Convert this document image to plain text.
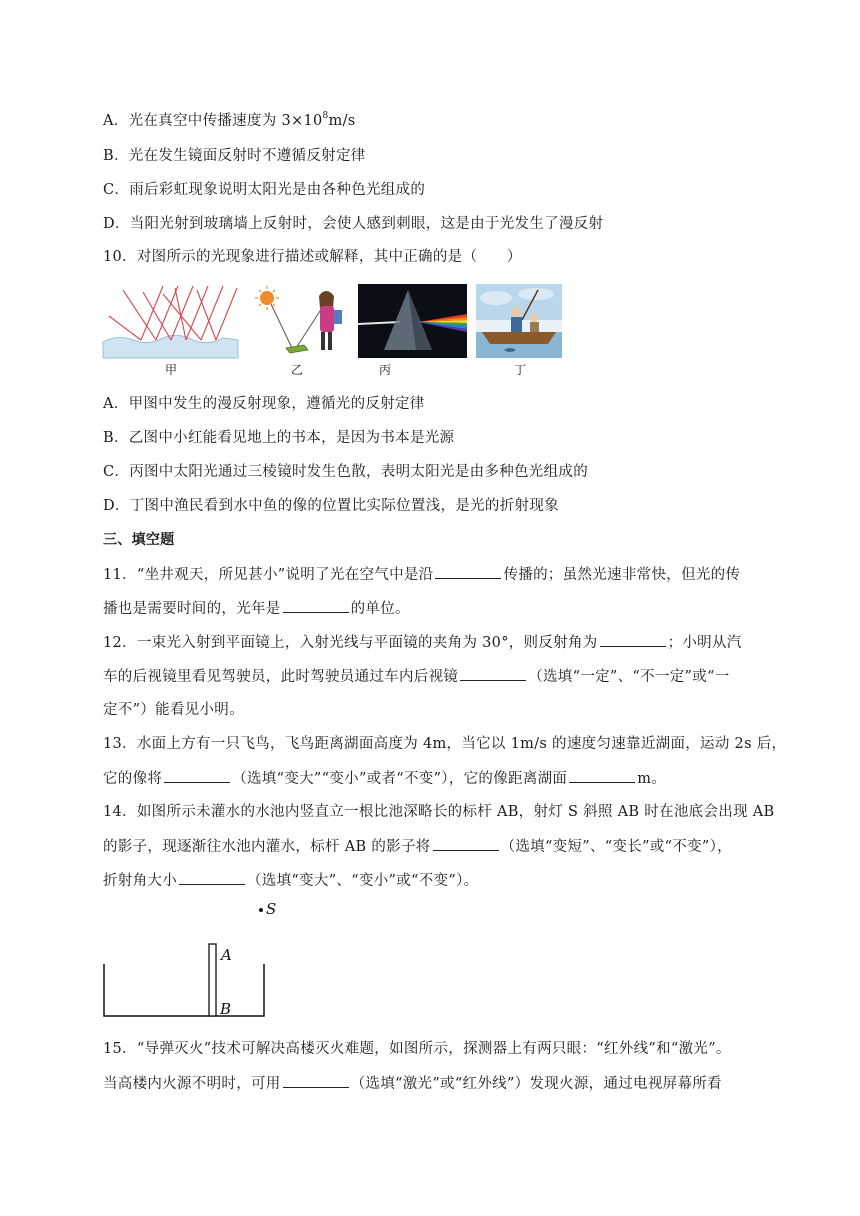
A．光在真空中传播速度为 $3\times 10^8m/s$
B．光在发生镜面反射时不遵循反射定律
C．雨后彩虹现象说明太阳光是由各种色光组成的
D．当阳光射到玻璃墙上反射时，会使人感到刺眼，这是由于光发生了漫反射
10．对图所示的光现象进行描述或解释，其中正确的是（　　）
甲	乙	丙	丁
A．甲图中发生的漫反射现象，遵循光的反射定律
B．乙图中小红能看见地上的书本，是因为书本是光源
C．丙图中太阳光通过三棱镜时发生色散，表明太阳光是由多种色光组成的
D．丁图中渔民看到水中鱼的像的位置比实际位置浅，是光的折射现象
三、填空题
11．“坐井观天，所见甚小”说明了光在空气中是沿	传播的；虽然光速非常快，但光的传
播也是需要时间的，光年是	的单位。
12．一束光入射到平面镜上，入射光线与平面镜的夹角为 30°，则反射角为	；小明从汽
车的后视镜里看见驾驶员，此时驾驶员通过车内后视镜	（选填“一定”、“不一定”或“一
定不”）能看见小明。
13．水面上方有一只飞鸟，飞鸟距离湖面高度为 4m，当它以 1m/s 的速度匀速靠近湖面，运动 2s 后，
它的像将	（选填“变大”“变小”或者“不变”），它的像距离湖面	m。
14．如图所示未灌水的水池内竖直立一根比池深略长的标杆 AB，射灯 S 斜照 AB 时在池底会出现 AB
的影子，现逐渐往水池内灌水，标杆 AB 的影子将	（选填“变短”、“变长”或“不变”），
折射角大小	（选填“变大”、“变小”或“不变”）。
S
A
B
15．“导弹灭火”技术可解决高楼灭火难题，如图所示，探测器上有两只眼：“红外线”和“激光”。
当高楼内火源不明时，可用	（选填“激光”或“红外线”）发现火源，通过电视屏幕所看
